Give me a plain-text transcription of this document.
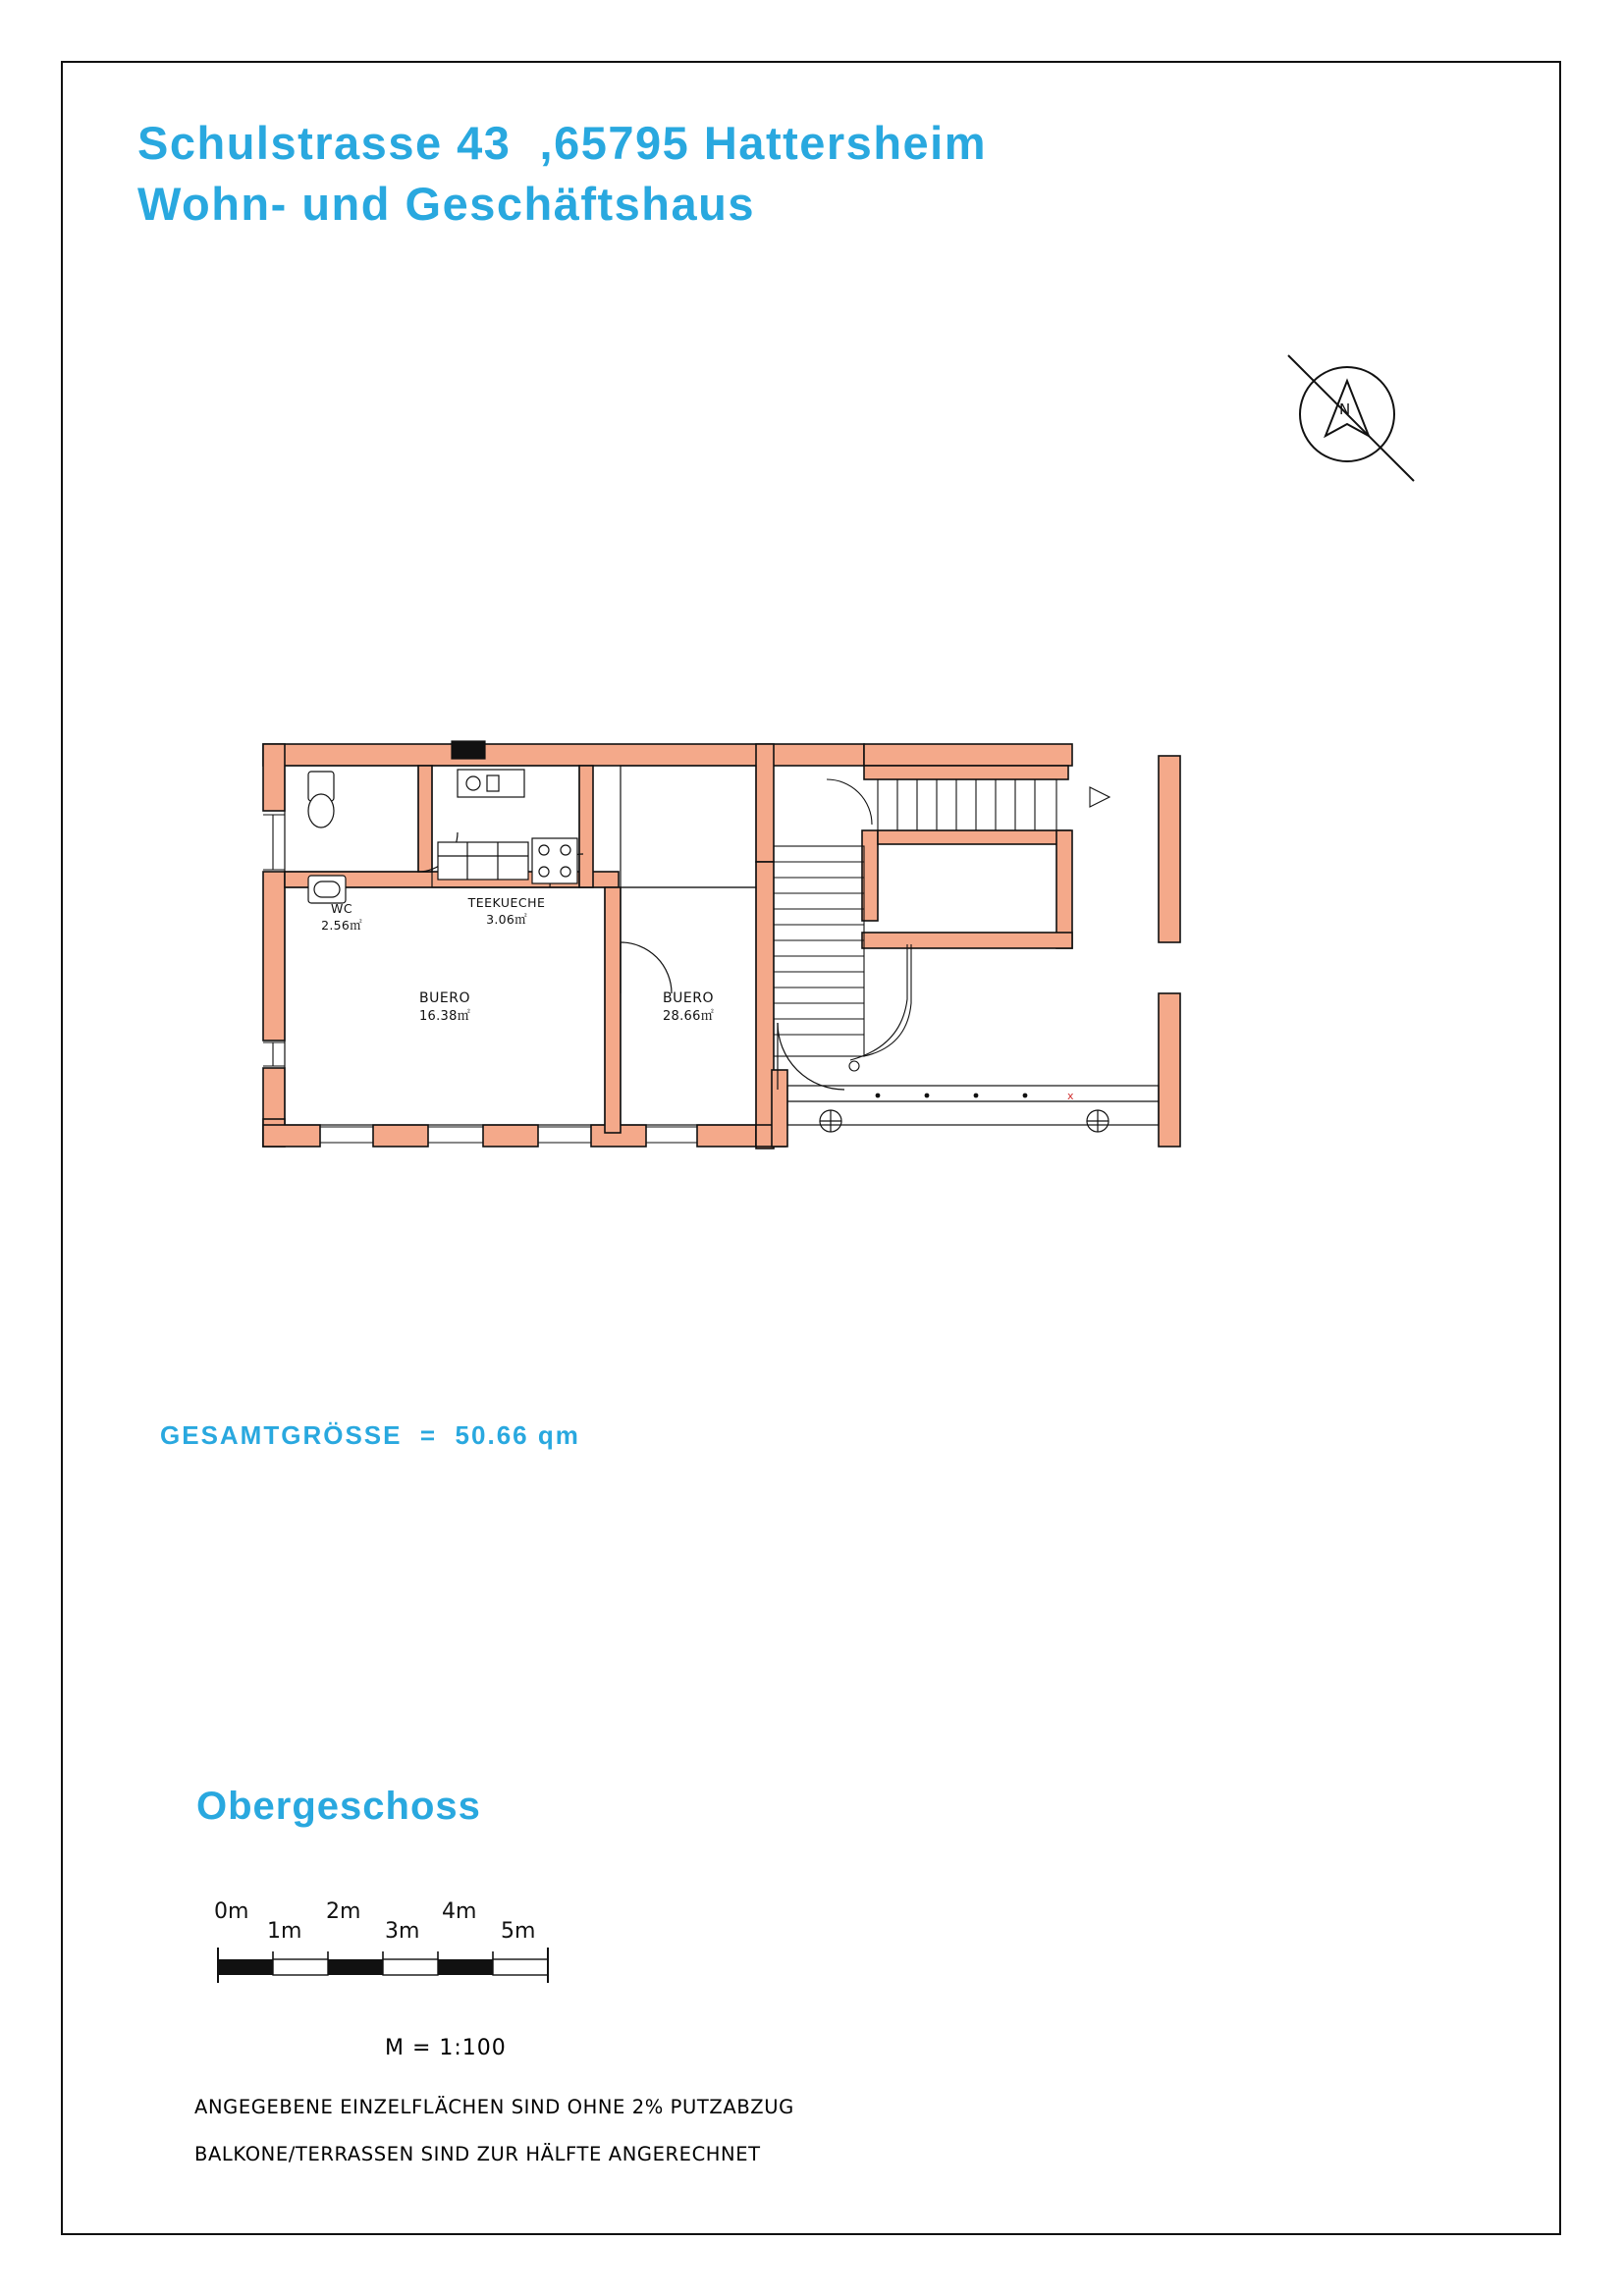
Schulstrasse 43  ,65795 Hattersheim
Wohn- und Geschäftshaus
N
x
WC
2.56㎡
TEEKUECHE
3.06㎡
BUERO
16.38㎡
BUERO
28.66㎡
GESAMTGRÖSSE  =  50.66 qm
Obergeschoss
0m
1m
2m
3m
4m
5m
M = 1:100
ANGEGEBENE EINZELFLÄCHEN SIND OHNE 2% PUTZABZUG
BALKONE/TERRASSEN SIND ZUR HÄLFTE ANGERECHNET
